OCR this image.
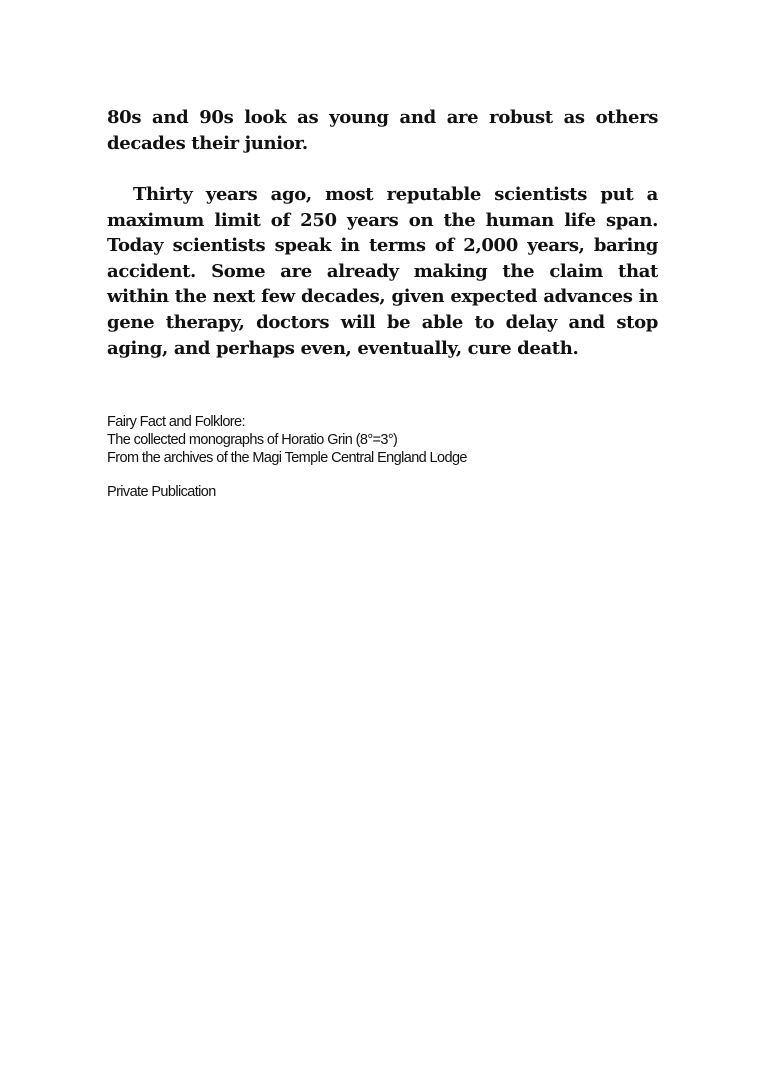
80s and 90s look as young and are robust as others decades their junior.

Thirty years ago, most reputable scientists put a maximum limit of 250 years on the human life span. Today scientists speak in terms of 2,000 years, baring accident. Some are already making the claim that within the next few decades, given expected advances in gene therapy, doctors will be able to delay and stop aging, and perhaps even, eventually, cure death.

Fairy Fact and Folklore:
The collected monographs of Horatio Grin (8°=3°)
From the archives of the Magi Temple Central England Lodge
Private Publication
